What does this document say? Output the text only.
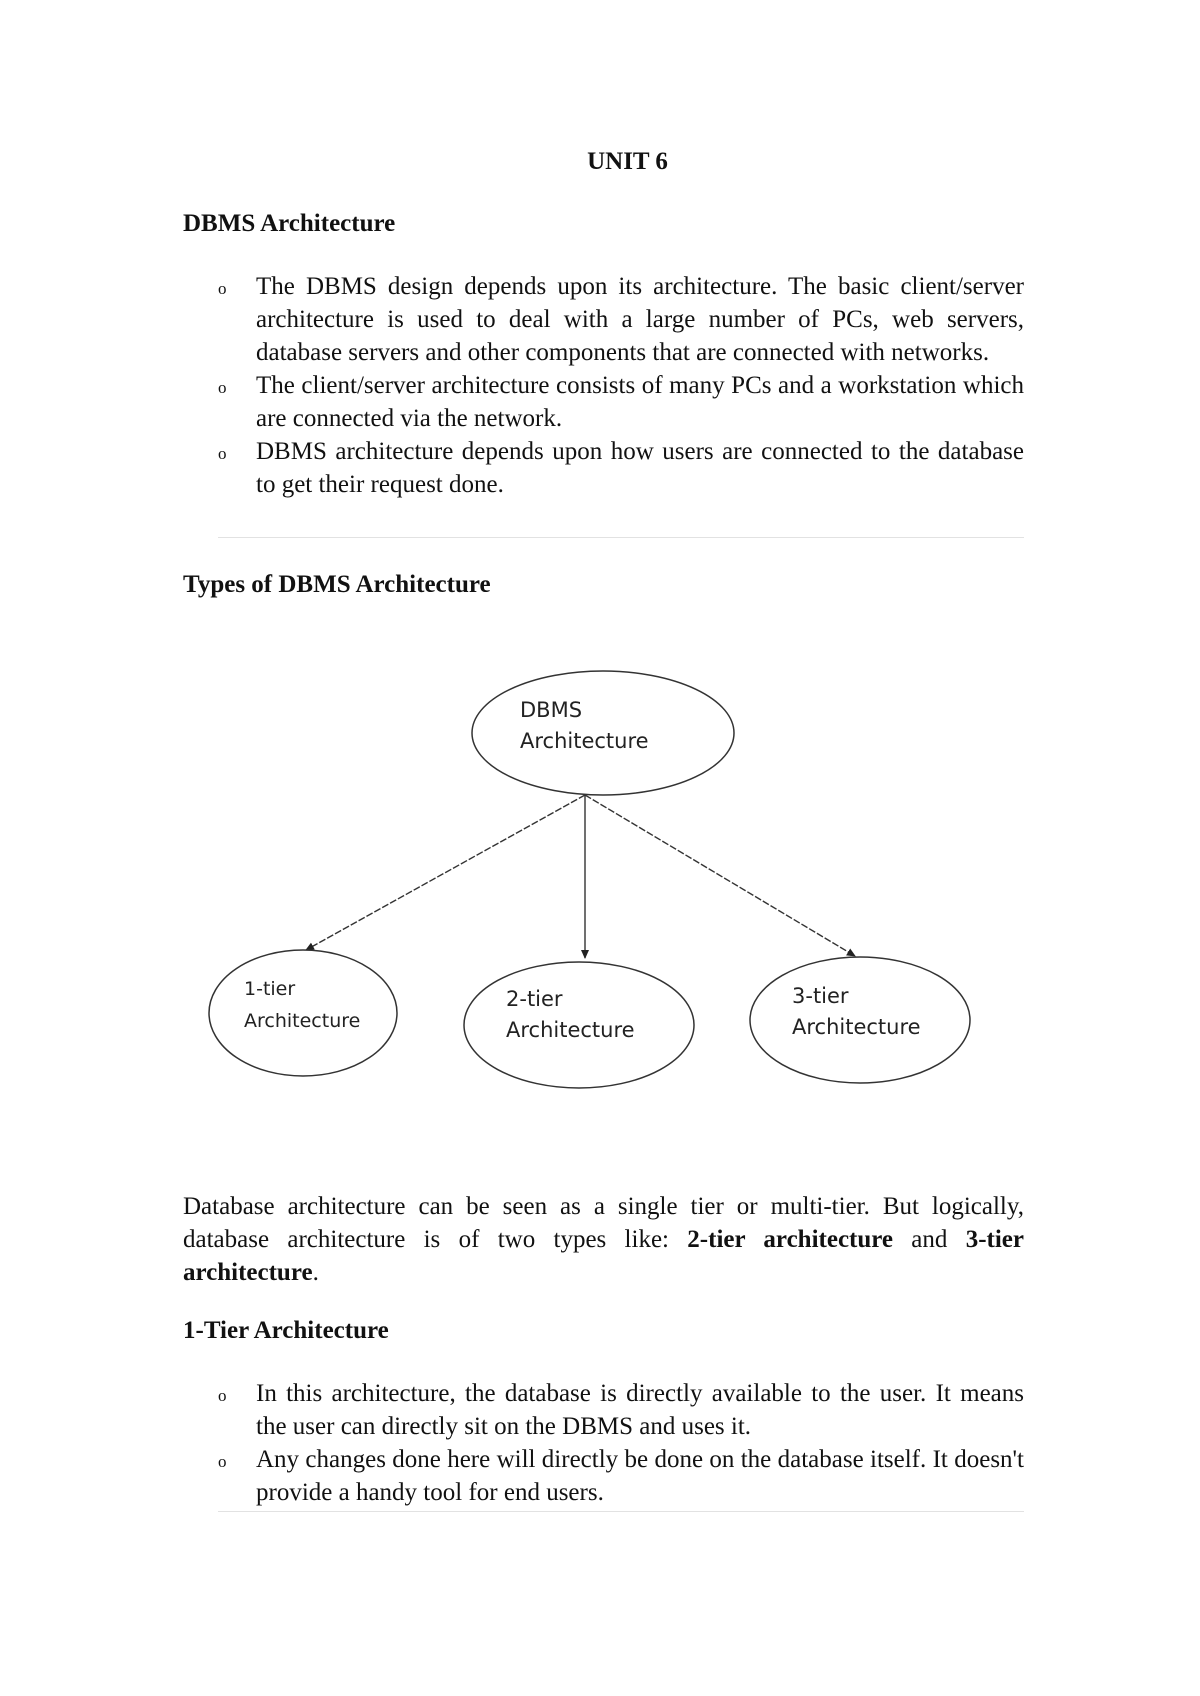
UNIT 6
DBMS Architecture
o The DBMS design depends upon its architecture. The basic client/server architecture is used to deal with a large number of PCs, web servers, database servers and other components that are connected with networks.
o The client/server architecture consists of many PCs and a workstation which are connected via the network.
o DBMS architecture depends upon how users are connected to the database to get their request done.
Types of DBMS Architecture
DBMS
Architecture
1-tier
Architecture
2-tier
Architecture
3-tier
Architecture

Database architecture can be seen as a single tier or multi-tier. But logically, database architecture is of two types like: 2-tier architecture and 3-tier architecture.

1-Tier Architecture
o In this architecture, the database is directly available to the user. It means the user can directly sit on the DBMS and uses it.
o Any changes done here will directly be done on the database itself. It doesn't provide a handy tool for end users.
